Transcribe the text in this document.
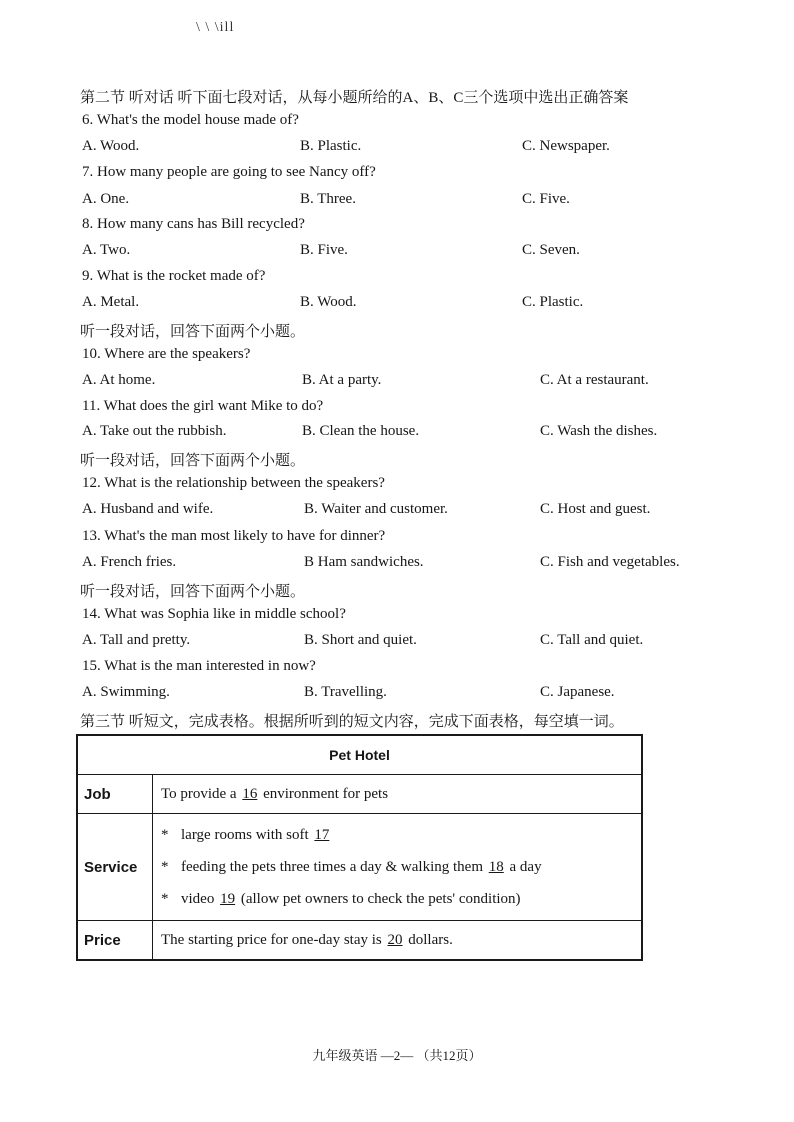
\ \ \ill
第二节 听对话 听下面七段对话，从每小题所给的A、B、C三个选项中选出正确答案
6. What's the model house made of?
A. Wood.	B. Plastic.	C. Newspaper.
7. How many people are going to see Nancy off?
A. One.	B. Three.	C. Five.
8. How many cans has Bill recycled?
A. Two.	B. Five.	C. Seven.
9. What is the rocket made of?
A. Metal.	B. Wood.	C. Plastic.
听一段对话，回答下面两个小题。
10. Where are the speakers?
A. At home.	B. At a party.	C. At a restaurant.
11. What does the girl want Mike to do?
A. Take out the rubbish.	B. Clean the house.	C. Wash the dishes.
听一段对话，回答下面两个小题。
12. What is the relationship between the speakers?
A. Husband and wife.	B. Waiter and customer.	C. Host and guest.
13. What's the man most likely to have for dinner?
A. French fries.	B Ham sandwiches.	C. Fish and vegetables.
听一段对话，回答下面两个小题。
14. What was Sophia like in middle school?
A. Tall and pretty.	B. Short and quiet.	C. Tall and quiet.
15. What is the man interested in now?
A. Swimming.	B. Travelling.	C. Japanese.
第三节 听短文，完成表格。根据所听到的短文内容，完成下面表格，每空填一词。
Pet Hotel	
Job	To provide a 16 environment for pets
Service	* large rooms with soft 17
* feeding the pets three times a day & walking them 18 a day
* video 19 (allow pet owners to check the pets' condition)

Price	The starting price for one-day stay is 20 dollars.
九年级英语 —2— （共12页）
